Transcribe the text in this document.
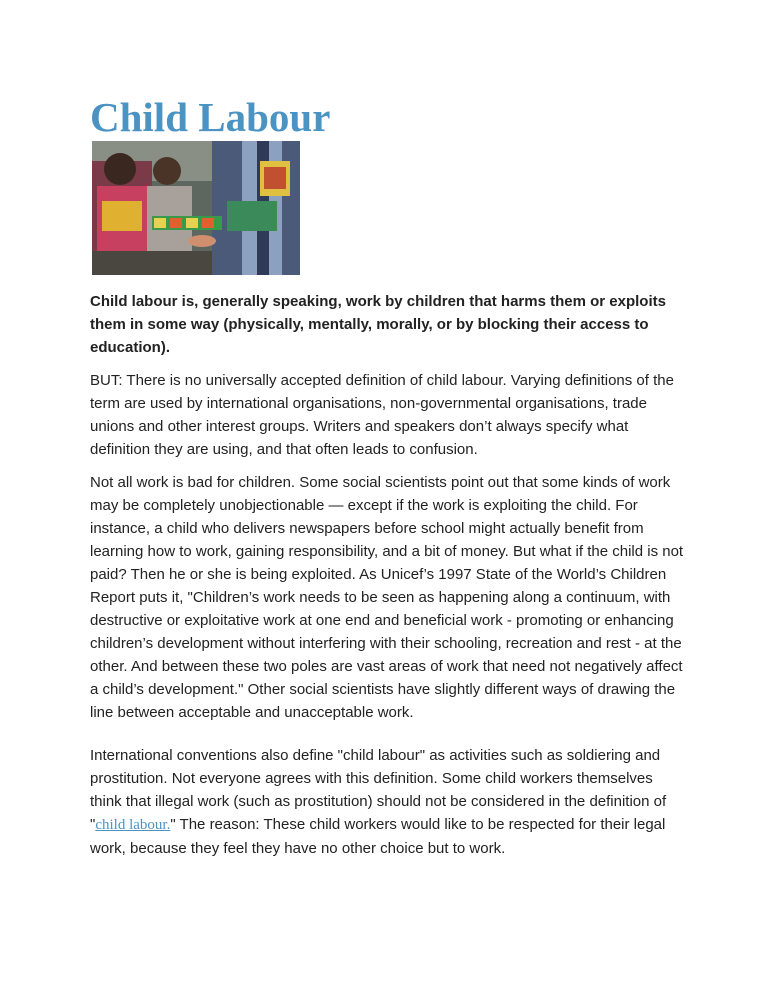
Child Labour

Child labour is, generally speaking, work by children that harms them or exploits them in some way (physically, mentally, morally, or by blocking their access to education).

BUT: There is no universally accepted definition of child labour. Varying definitions of the term are used by international organisations, non-governmental organisations, trade unions and other interest groups. Writers and speakers don’t always specify what definition they are using, and that often leads to confusion.

Not all work is bad for children. Some social scientists point out that some kinds of work may be completely unobjectionable — except if the work is exploiting the child. For instance, a child who delivers newspapers before school might actually benefit from learning how to work, gaining responsibility, and a bit of money. But what if the child is not paid? Then he or she is being exploited. As Unicef’s 1997 State of the World’s Children Report puts it, "Children’s work needs to be seen as happening along a continuum, with destructive or exploitative work at one end and beneficial work - promoting or enhancing children’s development without interfering with their schooling, recreation and rest - at the other. And between these two poles are vast areas of work that need not negatively affect a child’s development." Other social scientists have slightly different ways of drawing the line between acceptable and unacceptable work.

International conventions also define "child labour" as activities such as soldiering and prostitution. Not everyone agrees with this definition. Some child workers themselves think that illegal work (such as prostitution) should not be considered in the definition of "child labour." The reason: These child workers would like to be respected for their legal work, because they feel they have no other choice but to work.
